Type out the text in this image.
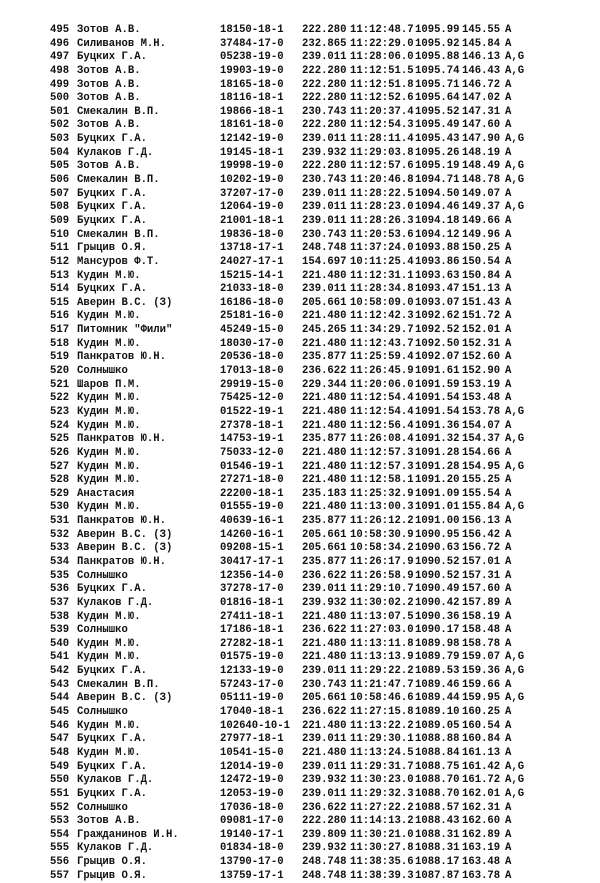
495 Зотов А.В.	18150-18-1 222.280 11:12:48.7 1095.99 145.55 A
496 Силиванов М.Н.	37484-17-0 232.865 11:22:29.0 1095.92 145.84 A
497 Буцких Г.А.	05238-19-0 239.011 11:28:06.0 1095.88 146.13 A,G
498 Зотов А.В.	19903-19-0 222.280 11:12:51.5 1095.74 146.43 A,G
499 Зотов А.В.	18165-18-0 222.280 11:12:51.8 1095.71 146.72 A
500 Зотов А.В.	18116-18-1 222.280 11:12:52.6 1095.64 147.02 A
501 Смекалин В.П.	19866-18-1 230.743 11:20:37.4 1095.52 147.31 A
502 Зотов А.В.	18161-18-0 222.280 11:12:54.3 1095.49 147.60 A
503 Буцких Г.А.	12142-19-0 239.011 11:28:11.4 1095.43 147.90 A,G
504 Кулаков Г.Д.	19145-18-1 239.932 11:29:03.8 1095.26 148.19 A
505 Зотов А.В.	19998-19-0 222.280 11:12:57.6 1095.19 148.49 A,G
506 Смекалин В.П.	10202-19-0 230.743 11:20:46.8 1094.71 148.78 A,G
507 Буцких Г.А.	37207-17-0 239.011 11:28:22.5 1094.50 149.07 A
508 Буцких Г.А.	12064-19-0 239.011 11:28:23.0 1094.46 149.37 A,G
509 Буцких Г.А.	21001-18-1 239.011 11:28:26.3 1094.18 149.66 A
510 Смекалин В.П.	19836-18-0 230.743 11:20:53.6 1094.12 149.96 A
511 Грыцив О.Я.	13718-17-1 248.748 11:37:24.0 1093.88 150.25 A
512 Мансуров Ф.Т.	24027-17-1 154.697 10:11:25.4 1093.86 150.54 A
513 Кудин М.Ю.	15215-14-1 221.480 11:12:31.1 1093.63 150.84 A
514 Буцких Г.А.	21033-18-0 239.011 11:28:34.8 1093.47 151.13 A
515 Аверин В.С. (З)	16186-18-0 205.661 10:58:09.0 1093.07 151.43 A
516 Кудин М.Ю.	25181-16-0 221.480 11:12:42.3 1092.62 151.72 A
517 Питомник "Фили"	45249-15-0 245.265 11:34:29.7 1092.52 152.01 A
518 Кудин М.Ю.	18030-17-0 221.480 11:12:43.7 1092.50 152.31 A
519 Панкратов Ю.Н.	20536-18-0 235.877 11:25:59.4 1092.07 152.60 A
520 Солнышко	17013-18-0 236.622 11:26:45.9 1091.61 152.90 A
521 Шаров П.М.	29919-15-0 229.344 11:20:06.0 1091.59 153.19 A
522 Кудин М.Ю.	75425-12-0 221.480 11:12:54.4 1091.54 153.48 A
523 Кудин М.Ю.	01522-19-1 221.480 11:12:54.4 1091.54 153.78 A,G
524 Кудин М.Ю.	27378-18-1 221.480 11:12:56.4 1091.36 154.07 A
525 Панкратов Ю.Н.	14753-19-1 235.877 11:26:08.4 1091.32 154.37 A,G
526 Кудин М.Ю.	75033-12-0 221.480 11:12:57.3 1091.28 154.66 A
527 Кудин М.Ю.	01546-19-1 221.480 11:12:57.3 1091.28 154.95 A,G
528 Кудин М.Ю.	27271-18-0 221.480 11:12:58.1 1091.20 155.25 A
529 Анастасия	22200-18-1 235.183 11:25:32.9 1091.09 155.54 A
530 Кудин М.Ю.	01555-19-0 221.480 11:13:00.3 1091.01 155.84 A,G
531 Панкратов Ю.Н.	40639-16-1 235.877 11:26:12.2 1091.00 156.13 A
532 Аверин В.С. (З)	14260-16-1 205.661 10:58:30.9 1090.95 156.42 A
533 Аверин В.С. (З)	09208-15-1 205.661 10:58:34.2 1090.63 156.72 A
534 Панкратов Ю.Н.	30417-17-1 235.877 11:26:17.9 1090.52 157.01 A
535 Солнышко	12356-14-0 236.622 11:26:58.9 1090.52 157.31 A
536 Буцких Г.А.	37278-17-0 239.011 11:29:10.7 1090.49 157.60 A
537 Кулаков Г.Д.	01816-18-1 239.932 11:30:02.2 1090.42 157.89 A
538 Кудин М.Ю.	27411-18-1 221.480 11:13:07.5 1090.36 158.19 A
539 Солнышко	17186-18-1 236.622 11:27:03.0 1090.17 158.48 A
540 Кудин М.Ю.	27282-18-1 221.480 11:13:11.8 1089.98 158.78 A
541 Кудин М.Ю.	01575-19-0 221.480 11:13:13.9 1089.79 159.07 A,G
542 Буцких Г.А.	12133-19-0 239.011 11:29:22.2 1089.53 159.36 A,G
543 Смекалин В.П.	57243-17-0 230.743 11:21:47.7 1089.46 159.66 A
544 Аверин В.С. (З)	05111-19-0 205.661 10:58:46.6 1089.44 159.95 A,G
545 Солнышко	17040-18-1 236.622 11:27:15.8 1089.10 160.25 A
546 Кудин М.Ю.	102640-10-1 221.480 11:13:22.2 1089.05 160.54 A
547 Буцких Г.А.	27977-18-1 239.011 11:29:30.1 1088.88 160.84 A
548 Кудин М.Ю.	10541-15-0 221.480 11:13:24.5 1088.84 161.13 A
549 Буцких Г.А.	12014-19-0 239.011 11:29:31.7 1088.75 161.42 A,G
550 Кулаков Г.Д.	12472-19-0 239.932 11:30:23.0 1088.70 161.72 A,G
551 Буцких Г.А.	12053-19-0 239.011 11:29:32.3 1088.70 162.01 A,G
552 Солнышко	17036-18-0 236.622 11:27:22.2 1088.57 162.31 A
553 Зотов А.В.	09081-17-0 222.280 11:14:13.2 1088.43 162.60 A
554 Гражданинов И.Н.	19140-17-1 239.809 11:30:21.0 1088.31 162.89 A
555 Кулаков Г.Д.	01834-18-0 239.932 11:30:27.8 1088.31 163.19 A
556 Грыцив О.Я.	13790-17-0 248.748 11:38:35.6 1088.17 163.48 A
557 Грыцив О.Я.	13759-17-1 248.748 11:38:39.3 1087.87 163.78 A
